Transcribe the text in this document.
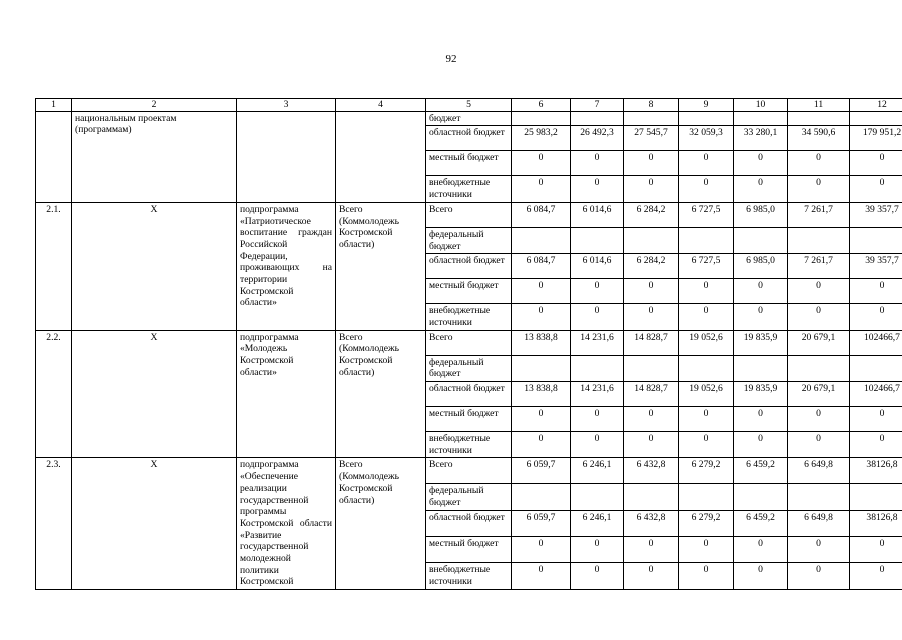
92
1	2	3	4	5	6	7	8	9	10	11	12
	национальным проектам (программам)			бюджет							
				областной бюджет	25 983,2	26 492,3	27 545,7	32 059,3	33 280,1	34 590,6	179 951,2
				местный бюджет	0	0	0	0	0	0	0
				внебюджетные источники	0	0	0	0	0	0	0
2.1.	Х	подпрограмма «Патриотическое воспитание граждан Российской Федерации, проживающих на территории Костромской области»	Всего (Коммолодежь Костромской области)	Всего	6 084,7	6 014,6	6 284,2	6 727,5	6 985,0	7 261,7	39 357,7
				федеральный бюджет							
				областной бюджет	6 084,7	6 014,6	6 284,2	6 727,5	6 985,0	7 261,7	39 357,7
				местный бюджет	0	0	0	0	0	0	0
				внебюджетные источники	0	0	0	0	0	0	0
2.2.	Х	подпрограмма «Молодежь Костромской области»	Всего (Коммолодежь Костромской области)	Всего	13 838,8	14 231,6	14 828,7	19 052,6	19 835,9	20 679,1	102466,7
				федеральный бюджет							
				областной бюджет	13 838,8	14 231,6	14 828,7	19 052,6	19 835,9	20 679,1	102466,7
				местный бюджет	0	0	0	0	0	0	0
				внебюджетные источники	0	0	0	0	0	0	0
2.3.	Х	подпрограмма «Обеспечение реализации государственной программы Костромской области «Развитие государственной молодежной политики Костромской	Всего (Коммолодежь Костромской области)	Всего	6 059,7	6 246,1	6 432,8	6 279,2	6 459,2	6 649,8	38126,8
				федеральный бюджет							
				областной бюджет	6 059,7	6 246,1	6 432,8	6 279,2	6 459,2	6 649,8	38126,8
				местный бюджет	0	0	0	0	0	0	0
				внебюджетные источники	0	0	0	0	0	0	0
